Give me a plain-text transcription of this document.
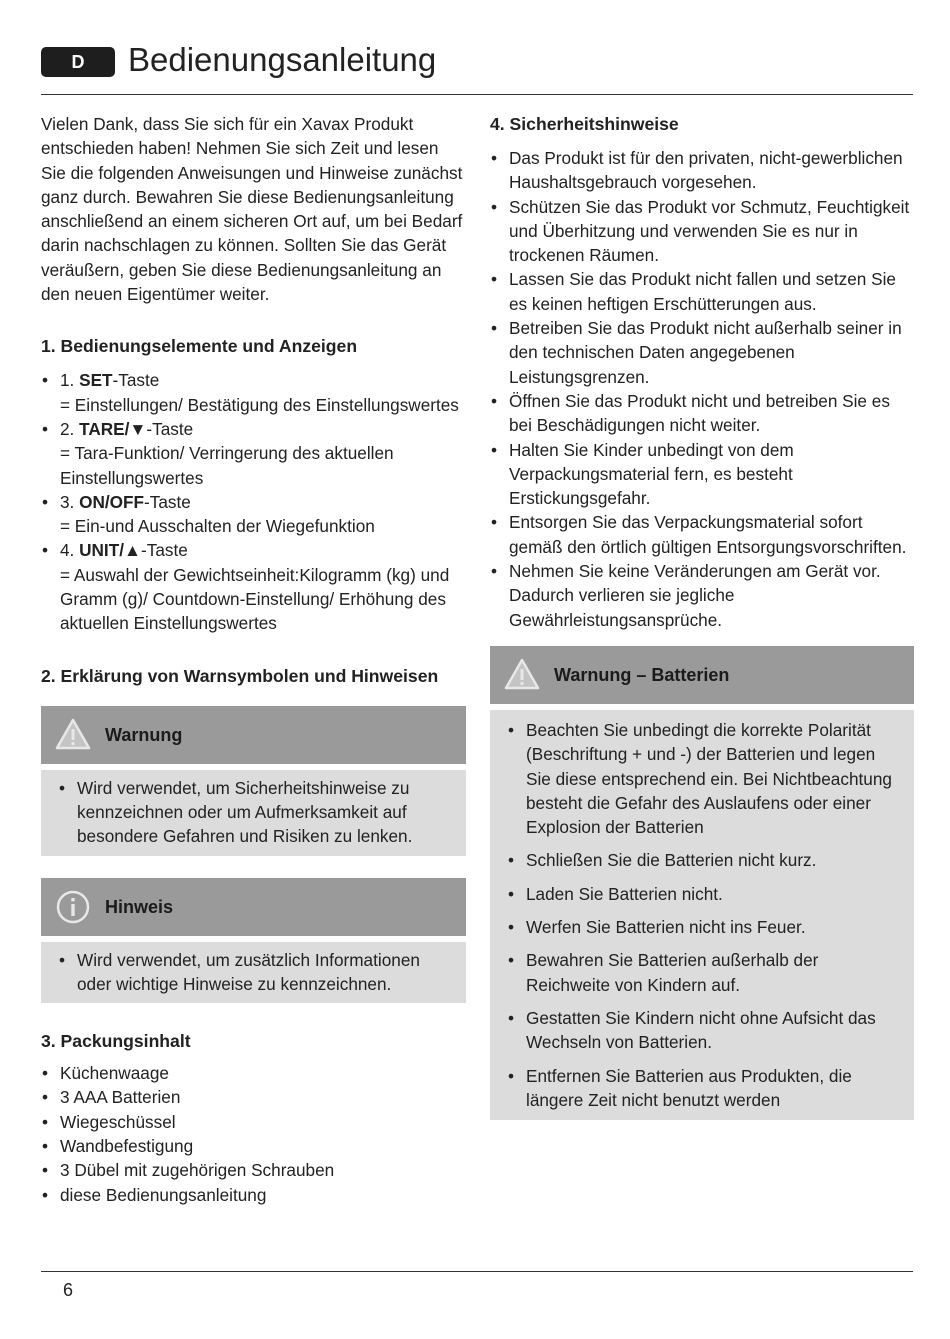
D	Bedienungsanleitung

Vielen Dank, dass Sie sich für ein Xavax Produkt entschieden haben! Nehmen Sie sich Zeit und lesen Sie die folgenden Anweisungen und Hinweise zunächst ganz durch. Bewahren Sie diese Bedienungsanleitung anschließend an einem sicheren Ort auf, um bei Bedarf darin nachschlagen zu können. Sollten Sie das Gerät veräußern, geben Sie diese Bedienungsanleitung an den neuen Eigentümer weiter.

1. Bedienungselemente und Anzeigen
• 1. SET-Taste
= Einstellungen/ Bestätigung des Einstellungswertes
• 2. TARE/▼-Taste
= Tara-Funktion/ Verringerung des aktuellen Einstellungswertes
• 3. ON/OFF-Taste
= Ein-und Ausschalten der Wiegefunktion
• 4. UNIT/▲-Taste
= Auswahl der Gewichtseinheit:Kilogramm (kg) und Gramm (g)/ Countdown-Einstellung/ Erhöhung des aktuellen Einstellungswertes
2. Erklärung von Warnsymbolen und Hinweisen
Warnung
• Wird verwendet, um Sicherheitshinweise zu kennzeichnen oder um Aufmerksamkeit auf besondere Gefahren und Risiken zu lenken.
Hinweis
• Wird verwendet, um zusätzlich Informationen oder wichtige Hinweise zu kennzeichnen.
3. Packungsinhalt
• Küchenwaage
• 3 AAA Batterien
• Wiegeschüssel
• Wandbefestigung
• 3 Dübel mit zugehörigen Schrauben
• diese Bedienungsanleitung
4. Sicherheitshinweise
• Das Produkt ist für den privaten, nicht-gewerblichen Haushaltsgebrauch vorgesehen.
• Schützen Sie das Produkt vor Schmutz, Feuchtigkeit und Überhitzung und verwenden Sie es nur in trockenen Räumen.
• Lassen Sie das Produkt nicht fallen und setzen Sie es keinen heftigen Erschütterungen aus.
• Betreiben Sie das Produkt nicht außerhalb seiner in den technischen Daten angegebenen Leistungsgrenzen.
• Öffnen Sie das Produkt nicht und betreiben Sie es bei Beschädigungen nicht weiter.
• Halten Sie Kinder unbedingt von dem Verpackungsmaterial fern, es besteht Erstickungsgefahr.
• Entsorgen Sie das Verpackungsmaterial sofort gemäß den örtlich gültigen Entsorgungsvorschriften.
• Nehmen Sie keine Veränderungen am Gerät vor. Dadurch verlieren sie jegliche Gewährleistungsansprüche.
Warnung – Batterien
• Beachten Sie unbedingt die korrekte Polarität (Beschriftung + und -) der Batterien und legen Sie diese entsprechend ein. Bei Nichtbeachtung besteht die Gefahr des Auslaufens oder einer Explosion der Batterien
• Schließen Sie die Batterien nicht kurz.
• Laden Sie Batterien nicht.
• Werfen Sie Batterien nicht ins Feuer.
• Bewahren Sie Batterien außerhalb der Reichweite von Kindern auf.
• Gestatten Sie Kindern nicht ohne Aufsicht das Wechseln von Batterien.
• Entfernen Sie Batterien aus Produkten, die längere Zeit nicht benutzt werden
6
